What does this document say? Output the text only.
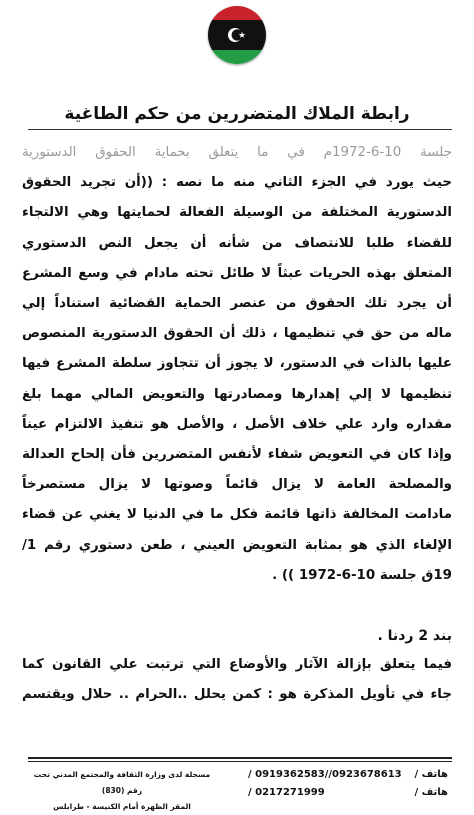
رابطة الملاك المتضررين من حكم الطاغية
جلسة 10-6-1972م في ما يتعلق بحماية الحقوق الدستورية
حيث يورد في الجزء الثاني منه ما نصه : ((أن تجريد الحقوق
الدستورية المختلفة من الوسيلة الفعالة لحمايتها وهي الالتجاء
للقضاء طلبا للانتصاف من شأنه أن يجعل النص الدستوري
المتعلق بهذه الحريات عبثاً لا طائل تحته مادام في وسع المشرع
أن يجرد تلك الحقوق من عنصر الحماية القضائية استناداً إلي
ماله من حق في تنظيمها ، ذلك أن الحقوق الدستورية المنصوص
عليها بالذات في الدستور، لا يجوز أن تتجاوز سلطة المشرع فيها
تنظيمها لا إلي إهدارها ومصادرتها والتعويض المالي مهما بلغ
مقداره وارد علي خلاف الأصل ، والأصل هو تنفيذ الالتزام عيناً
وإذا كان في التعويض شفاء لأنفس المتضررين فأن إلحاح العدالة
والمصلحة العامة لا يزال قائماً وصوتها لا يزال مستصرخاً
مادامت المخالفة ذاتها قائمة فكل ما في الدنيا لا يغني عن قضاء
الإلغاء الذي هو بمثابة التعويض العيني ، طعن دستوري رقم 1/
19ق جلسة 10-6-1972 )) .
بند 2 ردنا .
فيما يتعلق بإزالة الآثار والأوضاع التي ترتبت علي القانون كما
جاء في تأويل المذكرة هو : كمن يحلل ..الحرام .. حلال ويقتسم
هاتف /
0923678613//0919362583 /
هاتف /
0217271999 /
مسجلة لدى وزارة الثقافة والمجتمع المدني تحت رقم (830)
المقر الظهرة أمام الكنيسة - طرابلس
